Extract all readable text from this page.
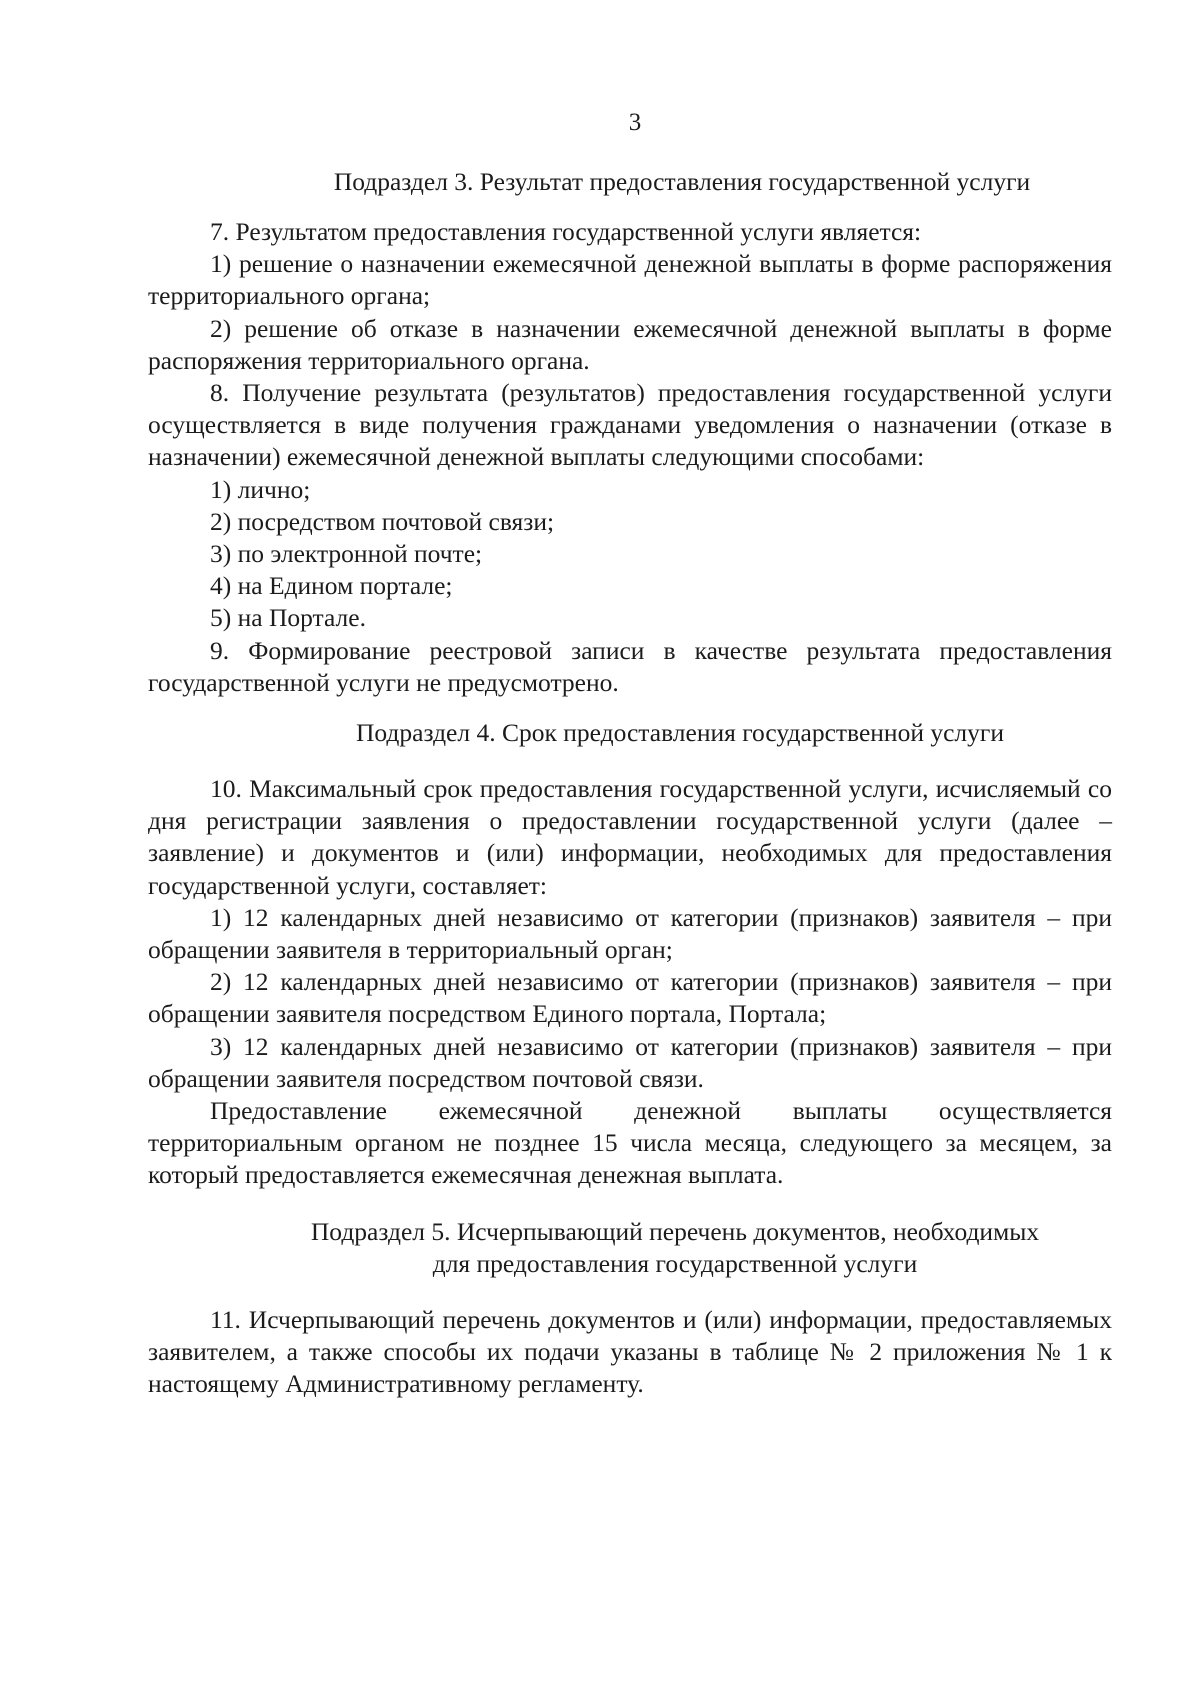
3

Подраздел 3. Результат предоставления государственной услуги

7. Результатом предоставления государственной услуги является:

1) решение о назначении ежемесячной денежной выплаты в форме распоряжения территориального органа;

2) решение об отказе в назначении ежемесячной денежной выплаты в форме распоряжения территориального органа.

8. Получение результата (результатов) предоставления государственной услуги осуществляется в виде получения гражданами уведомления о назначении (отказе в назначении) ежемесячной денежной выплаты следующими способами:

1) лично;

2) посредством почтовой связи;

3) по электронной почте;

4) на Едином портале;

5) на Портале.

9. Формирование реестровой записи в качестве результата предоставления государственной услуги не предусмотрено.

Подраздел 4. Срок предоставления государственной услуги

10. Максимальный срок предоставления государственной услуги, исчисляемый со дня регистрации заявления о предоставлении государственной услуги (далее – заявление) и документов и (или) информации, необходимых для предоставления государственной услуги, составляет:

1) 12 календарных дней независимо от категории (признаков) заявителя – при обращении заявителя в территориальный орган;

2) 12 календарных дней независимо от категории (признаков) заявителя – при обращении заявителя посредством Единого портала, Портала;

3) 12 календарных дней независимо от категории (признаков) заявителя – при обращении заявителя посредством почтовой связи.

Предоставление ежемесячной денежной выплаты осуществляется территориальным органом не позднее 15 числа месяца, следующего за месяцем, за который предоставляется ежемесячная денежная выплата.

Подраздел 5. Исчерпывающий перечень документов, необходимых
для предоставления государственной услуги

11. Исчерпывающий перечень документов и (или) информации, предоставляемых заявителем, а также способы их подачи указаны в таблице № 2 приложения № 1 к настоящему Административному регламенту.
